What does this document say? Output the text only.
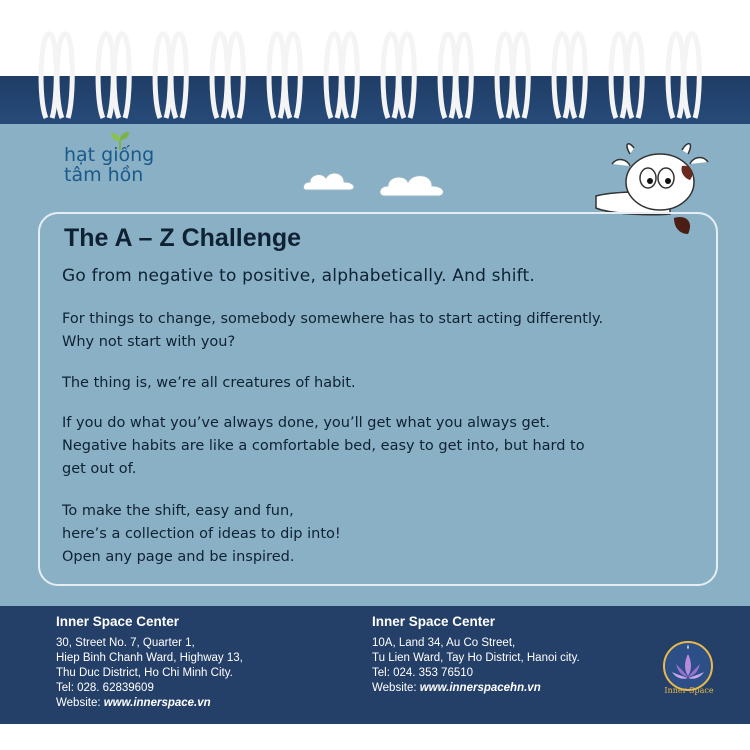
hạt giống
tâm hồn
The A – Z Challenge
Go from negative to positive, alphabetically. And shift.
For things to change, somebody somewhere has to start acting differently.
Why not start with you?
The thing is, we’re all creatures of habit.
If you do what you’ve always done, you’ll get what you always get.
Negative habits are like a comfortable bed, easy to get into, but hard to
get out of.
To make the shift, easy and fun,
here’s a collection of ideas to dip into!
Open any page and be inspired.
Inner Space Center
30, Street No. 7, Quarter 1,
Hiep Binh Chanh Ward, Highway 13,
Thu Duc District, Ho Chi Minh City.
Tel: 028. 62839609
Website: www.innerspace.vn
Inner Space Center
10A, Land 34, Au Co Street,
Tu Lien Ward, Tay Ho District, Hanoi city.
Tel: 024. 353 76510
Website: www.innerspacehn.vn	Inner Space
